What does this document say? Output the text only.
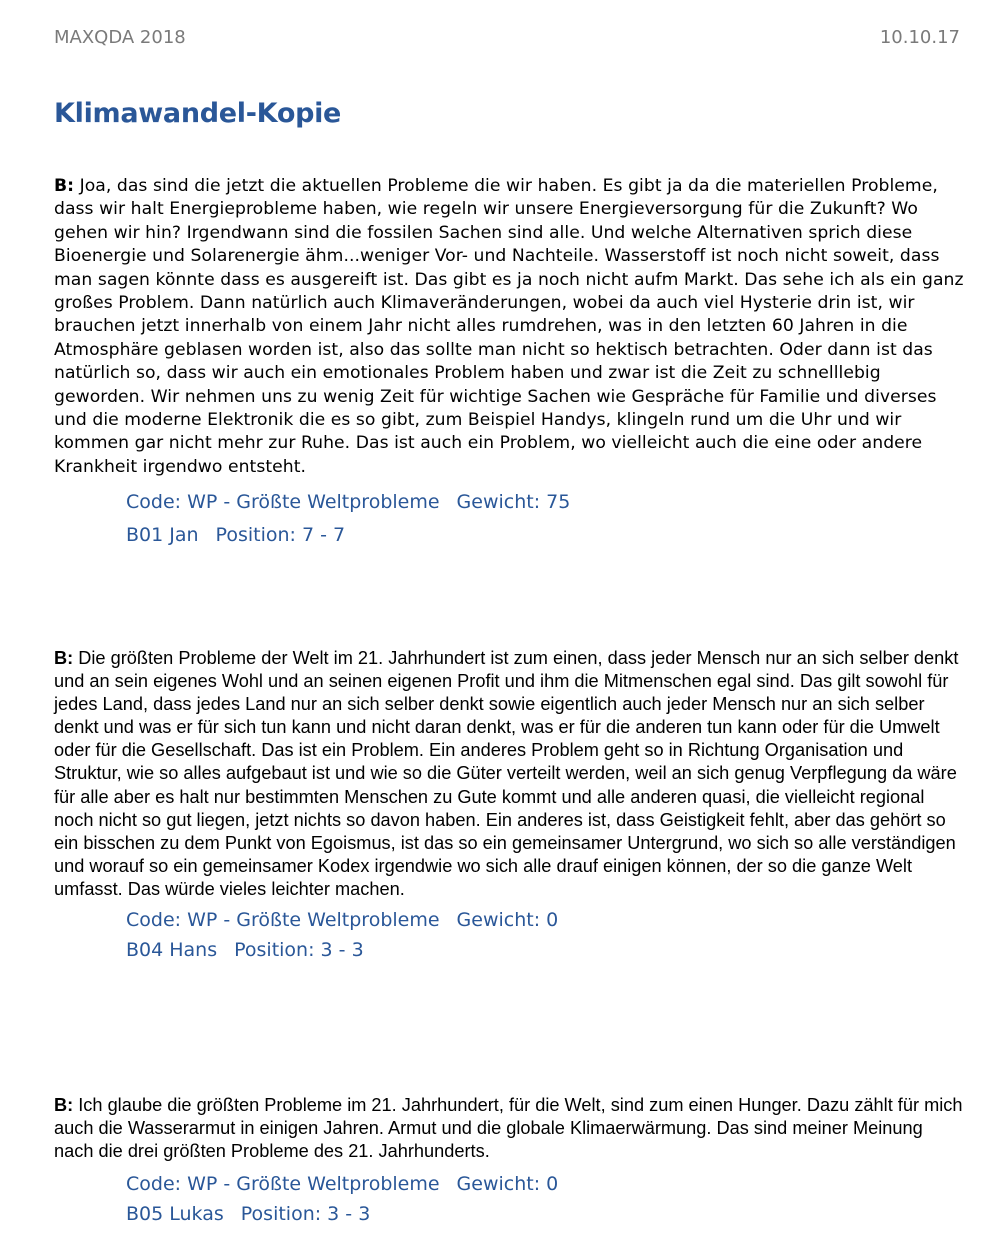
MAXQDA 2018	10.10.17
Klimawandel-Kopie

B: Joa, das sind die jetzt die aktuellen Probleme die wir haben. Es gibt ja da die materiellen Probleme, dass wir halt Energieprobleme haben, wie regeln wir unsere Energieversorgung für die Zukunft? Wo gehen wir hin? Irgendwann sind die fossilen Sachen sind alle. Und welche Alternativen sprich diese Bioenergie und Solarenergie ähm...weniger Vor- und Nachteile. Wasserstoff ist noch nicht soweit, dass man sagen könnte dass es ausgereift ist. Das gibt es ja noch nicht aufm Markt. Das sehe ich als ein ganz großes Problem. Dann natürlich auch Klimaveränderungen, wobei da auch viel Hysterie drin ist, wir brauchen jetzt innerhalb von einem Jahr nicht alles rumdrehen, was in den letzten 60 Jahren in die Atmosphäre geblasen worden ist, also das sollte man nicht so hektisch betrachten. Oder dann ist das natürlich so, dass wir auch ein emotionales Problem haben und zwar ist die Zeit zu schnelllebig geworden. Wir nehmen uns zu wenig Zeit für wichtige Sachen wie Gespräche für Familie und diverses und die moderne Elektronik die es so gibt, zum Beispiel Handys, klingeln rund um die Uhr und wir kommen gar nicht mehr zur Ruhe. Das ist auch ein Problem, wo vielleicht auch die eine oder andere Krankheit irgendwo entsteht.

Code: WP - Größte Weltprobleme Gewicht: 75
B01 Jan Position: 7 - 7

B: Die größten Probleme der Welt im 21. Jahrhundert ist zum einen, dass jeder Mensch nur an sich selber denkt und an sein eigenes Wohl und an seinen eigenen Profit und ihm die Mitmenschen egal sind. Das gilt sowohl für jedes Land, dass jedes Land nur an sich selber denkt sowie eigentlich auch jeder Mensch nur an sich selber denkt und was er für sich tun kann und nicht daran denkt, was er für die anderen tun kann oder für die Umwelt oder für die Gesellschaft. Das ist ein Problem. Ein anderes Problem geht so in Richtung Organisation und Struktur, wie so alles aufgebaut ist und wie so die Güter verteilt werden, weil an sich genug Verpflegung da wäre für alle aber es halt nur bestimmten Menschen zu Gute kommt und alle anderen quasi, die vielleicht regional noch nicht so gut liegen, jetzt nichts so davon haben. Ein anderes ist, dass Geistigkeit fehlt, aber das gehört so ein bisschen zu dem Punkt von Egoismus, ist das so ein gemeinsamer Untergrund, wo sich so alle verständigen und worauf so ein gemeinsamer Kodex irgendwie wo sich alle drauf einigen können, der so die ganze Welt umfasst. Das würde vieles leichter machen.

Code: WP - Größte Weltprobleme Gewicht: 0
B04 Hans Position: 3 - 3

B: Ich glaube die größten Probleme im 21. Jahrhundert, für die Welt, sind zum einen Hunger. Dazu zählt für mich auch die Wasserarmut in einigen Jahren. Armut und die globale Klimaerwärmung. Das sind meiner Meinung nach die drei größten Probleme des 21. Jahrhunderts.

Code: WP - Größte Weltprobleme Gewicht: 0
B05 Lukas Position: 3 - 3
